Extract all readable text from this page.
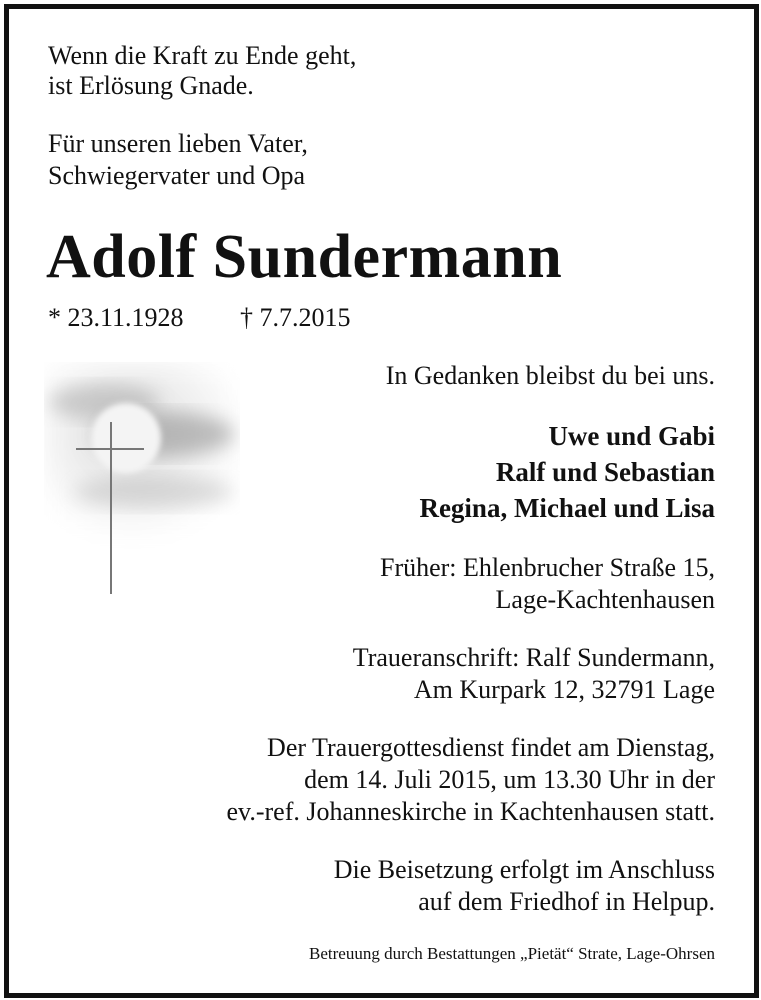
Wenn die Kraft zu Ende geht,
ist Erlösung Gnade.
Für unseren lieben Vater,
Schwiegervater und Opa
Adolf Sundermann
* 23.11.1928 † 7.7.2015
In Gedanken bleibst du bei uns.
Uwe und Gabi
Ralf und Sebastian
Regina, Michael und Lisa
Früher: Ehlenbrucher Straße 15,
Lage-Kachtenhausen
Traueranschrift: Ralf Sundermann,
Am Kurpark 12, 32791 Lage
Der Trauergottesdienst findet am Dienstag,
dem 14. Juli 2015, um 13.30 Uhr in der
ev.-ref. Johanneskirche in Kachtenhausen statt.
Die Beisetzung erfolgt im Anschluss
auf dem Friedhof in Helpup.
Betreuung durch Bestattungen „Pietät“ Strate, Lage-Ohrsen
